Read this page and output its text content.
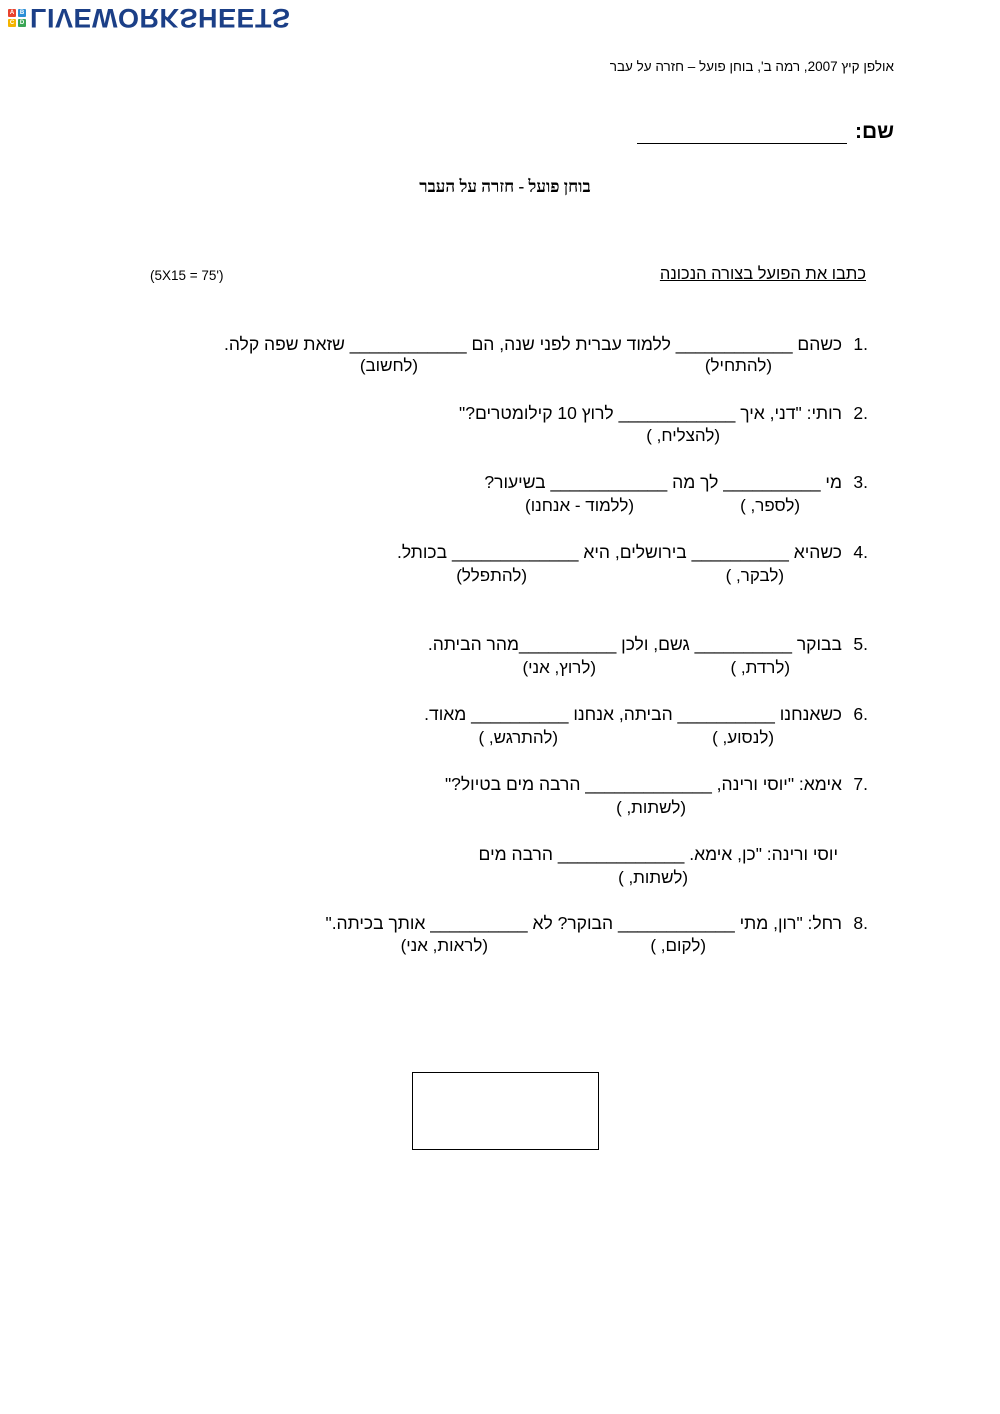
A B
C D LIVEWORKSHEETS
אולפן קיץ 2007, רמה ב', בוחן פועל – חזרה על עבר
שם:
בוחן פועל - חזרה על העבר
כתבו את הפועל בצורה הנכונה
(5X15 = 75')
1.
כשהם ____________ ללמוד עברית לפני שנה, הם ____________ שזאת שפה קלה.
(להתחיל)
(לחשוב)
2.
רותי: "דני, איך ____________ לרוץ 10 קילומטרים?"
(להצליח, )
3.
מי __________ לך מה ____________ בשיעור?
(לספר, )
(ללמוד - אנחנו)
4.
כשהיא __________ בירושלים, היא _____________ בכותל.
(לבקר, )
(להתפלל)
5.
בבוקר __________ גשם, ולכן __________מהר הביתה.
(לרדת, )
(לרוץ, אני)
6.
כשאנחנו __________ הביתה, אנחנו __________ מאוד.
(לנסוע, )
(להתרגש, )
7.
אימא: "יוסי ורינה, _____________ הרבה מים בטיול?"
(לשתות, )
יוסי ורינה: "כן, אימא. _____________ הרבה מים
(לשתות, )
8.
רחל: "רון, מתי ____________ הבוקר? לא __________ אותך בכיתה."
(לקום, )
(לראות, אני)
